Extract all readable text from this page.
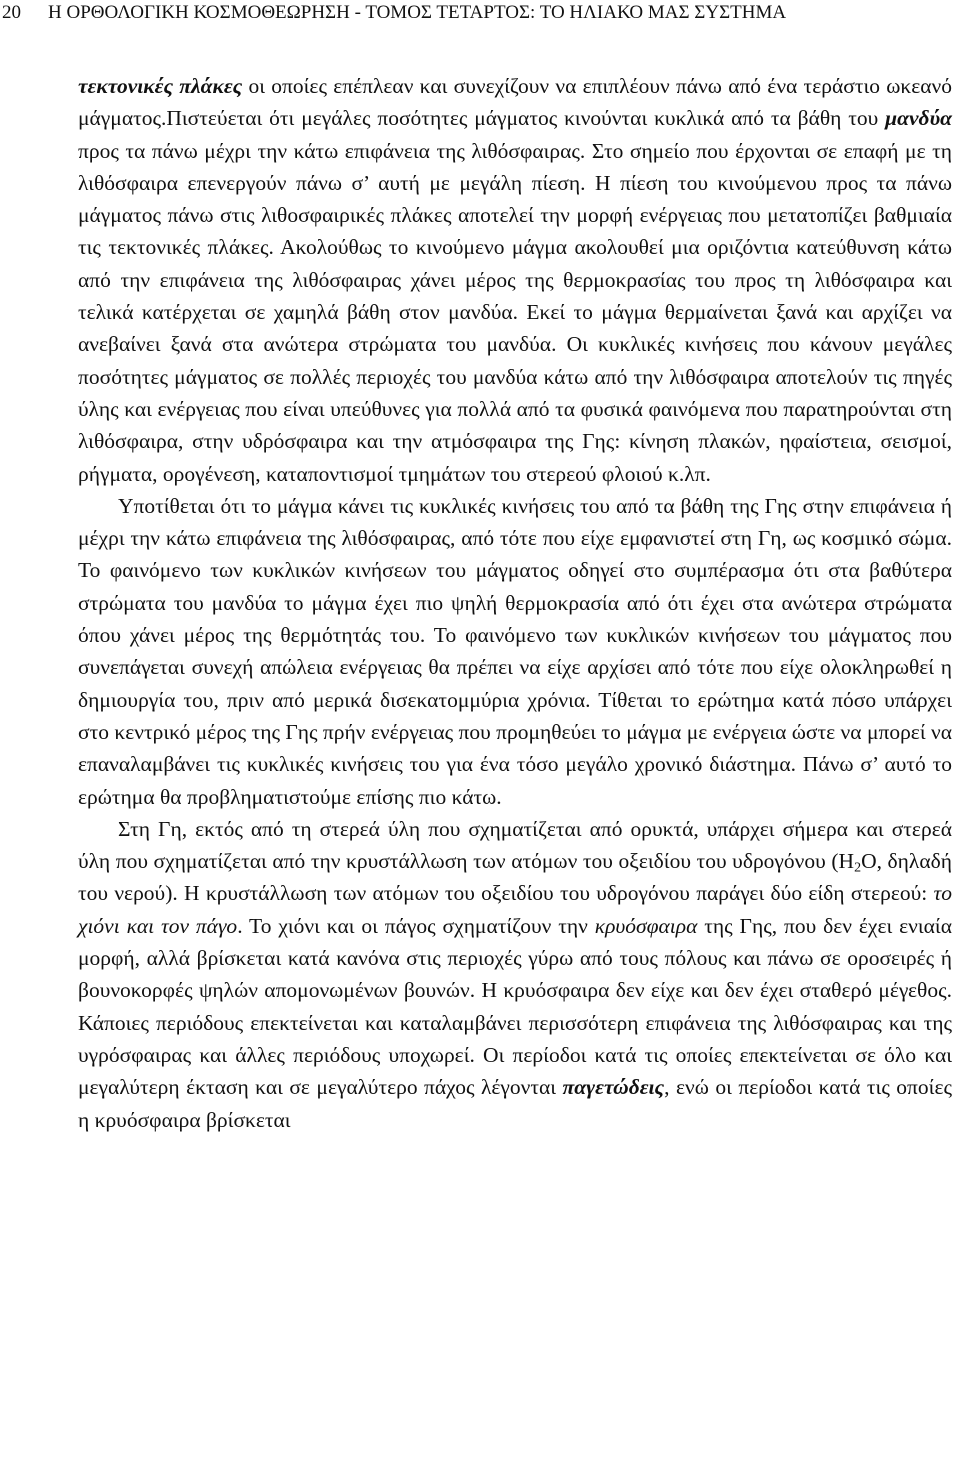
20 Η ΟΡΘΟΛΟΓΙΚΗ ΚΟΣΜΟΘΕΩΡΗΣΗ - ΤΟΜΟΣ ΤΕΤΑΡΤΟΣ: ΤΟ ΗΛΙΑΚΟ ΜΑΣ ΣΥΣΤΗΜΑ

τεκτονικές πλάκες οι οποίες επέπλεαν και συνεχίζουν να επιπλέουν πάνω από ένα τεράστιο ωκεανό μάγματος.Πιστεύεται ότι μεγάλες ποσότητες μάγματος κινούνται κυκλικά από τα βάθη του μανδύα προς τα πάνω μέχρι την κάτω επιφάνεια της λιθόσφαιρας. Στο σημείο που έρχονται σε επαφή με τη λιθόσφαιρα επενεργούν πάνω σ’ αυτή με μεγάλη πίεση. Η πίεση του κινούμενου προς τα πάνω μάγματος πάνω στις λιθοσφαιρικές πλάκες αποτελεί την μορφή ενέργειας που μετατοπίζει βαθμιαία τις τεκτονικές πλάκες. Ακολούθως το κινούμενο μάγμα ακολουθεί μια οριζόντια κατεύθυνση κάτω από την επιφάνεια της λιθόσφαιρας χάνει μέρος της θερμοκρασίας του προς τη λιθόσφαιρα και τελικά κατέρχεται σε χαμηλά βάθη στον μανδύα. Εκεί το μάγμα θερμαίνεται ξανά και αρχίζει να ανεβαίνει ξανά στα ανώτερα στρώματα του μανδύα. Οι κυκλικές κινήσεις που κάνουν μεγάλες ποσότητες μάγματος σε πολλές περιοχές του μανδύα κάτω από την λιθόσφαιρα αποτελούν τις πηγές ύλης και ενέργειας που είναι υπεύθυνες για πολλά από τα φυσικά φαινόμενα που παρατηρούνται στη λιθόσφαιρα, στην υδρόσφαιρα και την ατμόσφαιρα της Γης: κίνηση πλακών, ηφαίστεια, σεισμοί, ρήγματα, ορογένεση, καταποντισμοί τμημάτων του στερεού φλοιού κ.λπ.

Υποτίθεται ότι το μάγμα κάνει τις κυκλικές κινήσεις του από τα βάθη της Γης στην επιφάνεια ή μέχρι την κάτω επιφάνεια της λιθόσφαιρας, από τότε που είχε εμφανιστεί στη Γη, ως κοσμικό σώμα. Το φαινόμενο των κυκλικών κινήσεων του μάγματος οδηγεί στο συμπέρασμα ότι στα βαθύτερα στρώματα του μανδύα το μάγμα έχει πιο ψηλή θερμοκρασία από ότι έχει στα ανώτερα στρώματα όπου χάνει μέρος της θερμότητάς του. Το φαινόμενο των κυκλικών κινήσεων του μάγματος που συνεπάγεται συνεχή απώλεια ενέργειας θα πρέπει να είχε αρχίσει από τότε που είχε ολοκληρωθεί η δημιουργία του, πριν από μερικά δισεκατομμύρια χρόνια. Τίθεται το ερώτημα κατά πόσο υπάρχει στο κεντρικό μέρος της Γης πρήν ενέργειας που προμηθεύει το μάγμα με ενέργεια ώστε να μπορεί να επαναλαμβάνει τις κυκλικές κινήσεις του για ένα τόσο μεγάλο χρονικό διάστημα. Πάνω σ’ αυτό το ερώτημα θα προβληματιστούμε επίσης πιο κάτω.

Στη Γη, εκτός από τη στερεά ύλη που σχηματίζεται από ορυκτά, υπάρχει σήμερα και στερεά ύλη που σχηματίζεται από την κρυστάλλωση των ατόμων του οξειδίου του υδρογόνου ($H_2O$, δηλαδή του νερού). Η κρυστάλλωση των ατόμων του οξειδίου του υδρογόνου παράγει δύο είδη στερεού: το χιόνι και τον πάγο. Το χιόνι και οι πάγος σχηματίζουν την κρυόσφαιρα της Γης, που δεν έχει ενιαία μορφή, αλλά βρίσκεται κατά κανόνα στις περιοχές γύρω από τους πόλους και πάνω σε οροσειρές ή βουνοκορφές ψηλών απομονωμένων βουνών. Η κρυόσφαιρα δεν είχε και δεν έχει σταθερό μέγεθος. Κάποιες περιόδους επεκτείνεται και καταλαμβάνει περισσότερη επιφάνεια της λιθόσφαιρας και της υγρόσφαιρας και άλλες περιόδους υποχωρεί. Οι περίοδοι κατά τις οποίες επεκτείνεται σε όλο και μεγαλύτερη έκταση και σε μεγαλύτερο πάχος λέγονται παγετώδεις, ενώ οι περίοδοι κατά τις οποίες η κρυόσφαιρα βρίσκεται
